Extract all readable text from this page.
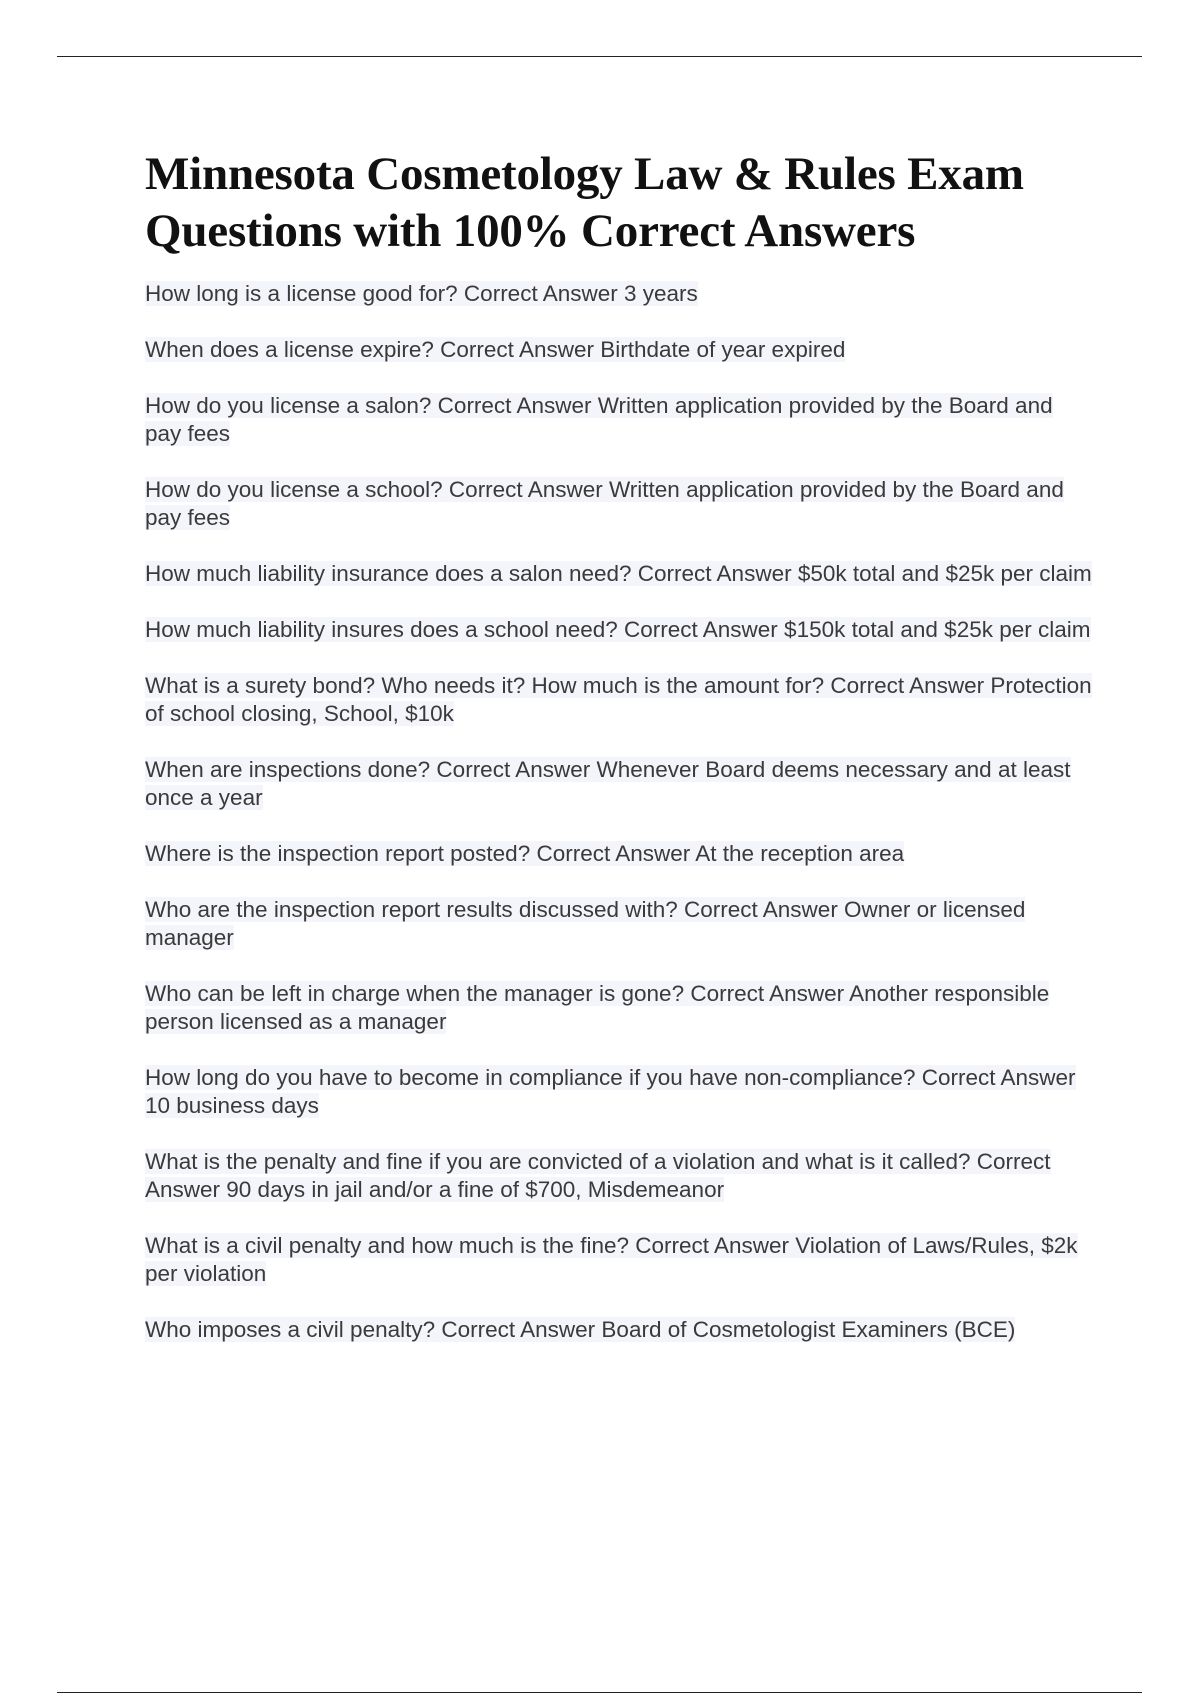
Minnesota Cosmetology Law & Rules Exam Questions with 100% Correct Answers
How long is a license good for? Correct Answer 3 years
When does a license expire? Correct Answer Birthdate of year expired
How do you license a salon? Correct Answer Written application provided by the Board and pay fees
How do you license a school? Correct Answer Written application provided by the Board and pay fees
How much liability insurance does a salon need? Correct Answer $50k total and $25k per claim
How much liability insures does a school need? Correct Answer $150k total and $25k per claim
What is a surety bond? Who needs it? How much is the amount for? Correct Answer Protection of school closing, School, $10k
When are inspections done? Correct Answer Whenever Board deems necessary and at least once a year
Where is the inspection report posted? Correct Answer At the reception area
Who are the inspection report results discussed with? Correct Answer Owner or licensed manager
Who can be left in charge when the manager is gone? Correct Answer Another responsible person licensed as a manager
How long do you have to become in compliance if you have non-compliance? Correct Answer 10 business days
What is the penalty and fine if you are convicted of a violation and what is it called? Correct Answer 90 days in jail and/or a fine of $700, Misdemeanor
What is a civil penalty and how much is the fine? Correct Answer Violation of Laws/Rules, $2k per violation
Who imposes a civil penalty? Correct Answer Board of Cosmetologist Examiners (BCE)
